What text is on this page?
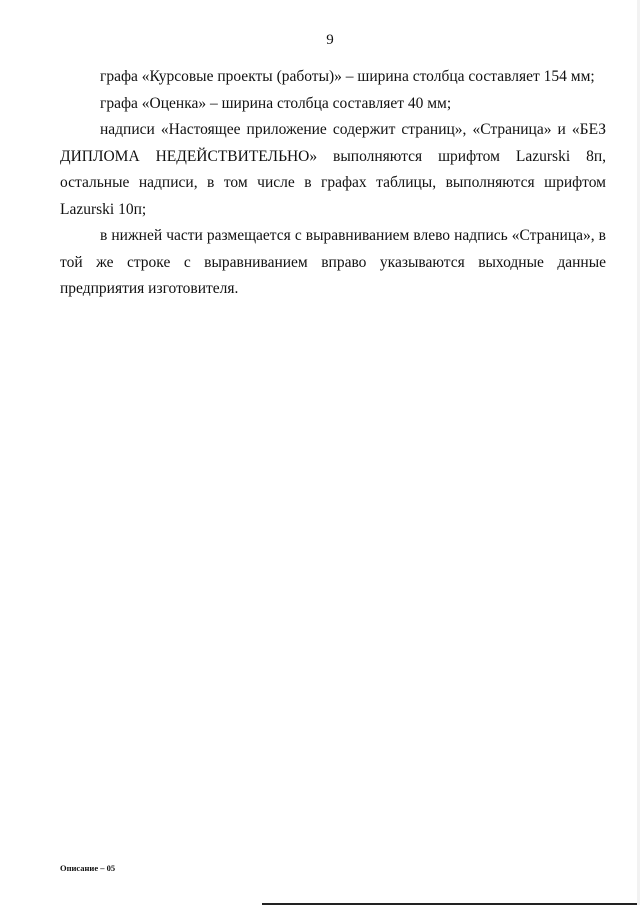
9

графа «Курсовые проекты (работы)» – ширина столбца составляет 154 мм;

графа «Оценка» – ширина столбца составляет 40 мм;

надписи «Настоящее приложение содержит страниц», «Страница» и «БЕЗ ДИПЛОМА НЕДЕЙСТВИТЕЛЬНО» выполняются шрифтом Lazurski 8п, остальные надписи, в том числе в графах таблицы, выполняются шрифтом Lazurski 10п;

в нижней части размещается с выравниванием влево надпись «Страница», в той же строке с выравниванием вправо указываются выходные данные предприятия изготовителя.

Описание – 05
